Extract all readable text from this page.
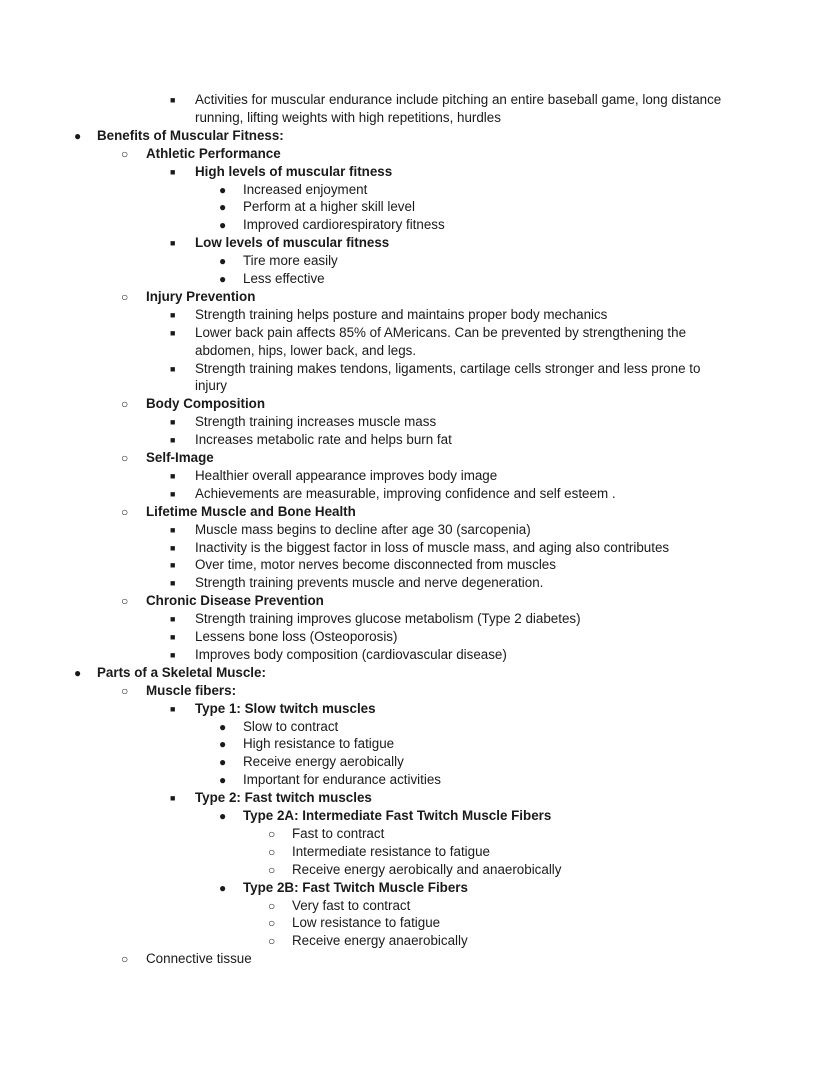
■ Activities for muscular endurance include pitching an entire baseball game, long distance
running, lifting weights with high repetitions, hurdles
● Benefits of Muscular Fitness:
○ Athletic Performance
■ High levels of muscular fitness
● Increased enjoyment
● Perform at a higher skill level
● Improved cardiorespiratory fitness
■ Low levels of muscular fitness
● Tire more easily
● Less effective
○ Injury Prevention
■ Strength training helps posture and maintains proper body mechanics
■ Lower back pain affects 85% of AMericans. Can be prevented by strengthening the
abdomen, hips, lower back, and legs.
■ Strength training makes tendons, ligaments, cartilage cells stronger and less prone to
injury
○ Body Composition
■ Strength training increases muscle mass
■ Increases metabolic rate and helps burn fat
○ Self-Image
■ Healthier overall appearance improves body image
■ Achievements are measurable, improving confidence and self esteem .
○ Lifetime Muscle and Bone Health
■ Muscle mass begins to decline after age 30 (sarcopenia)
■ Inactivity is the biggest factor in loss of muscle mass, and aging also contributes
■ Over time, motor nerves become disconnected from muscles
■ Strength training prevents muscle and nerve degeneration.
○ Chronic Disease Prevention
■ Strength training improves glucose metabolism (Type 2 diabetes)
■ Lessens bone loss (Osteoporosis)
■ Improves body composition (cardiovascular disease)
● Parts of a Skeletal Muscle:
○ Muscle fibers:
■ Type 1: Slow twitch muscles
● Slow to contract
● High resistance to fatigue
● Receive energy aerobically
● Important for endurance activities
■ Type 2: Fast twitch muscles
● Type 2A: Intermediate Fast Twitch Muscle Fibers
○ Fast to contract
○ Intermediate resistance to fatigue
○ Receive energy aerobically and anaerobically
● Type 2B: Fast Twitch Muscle Fibers
○ Very fast to contract
○ Low resistance to fatigue
○ Receive energy anaerobically
○ Connective tissue
